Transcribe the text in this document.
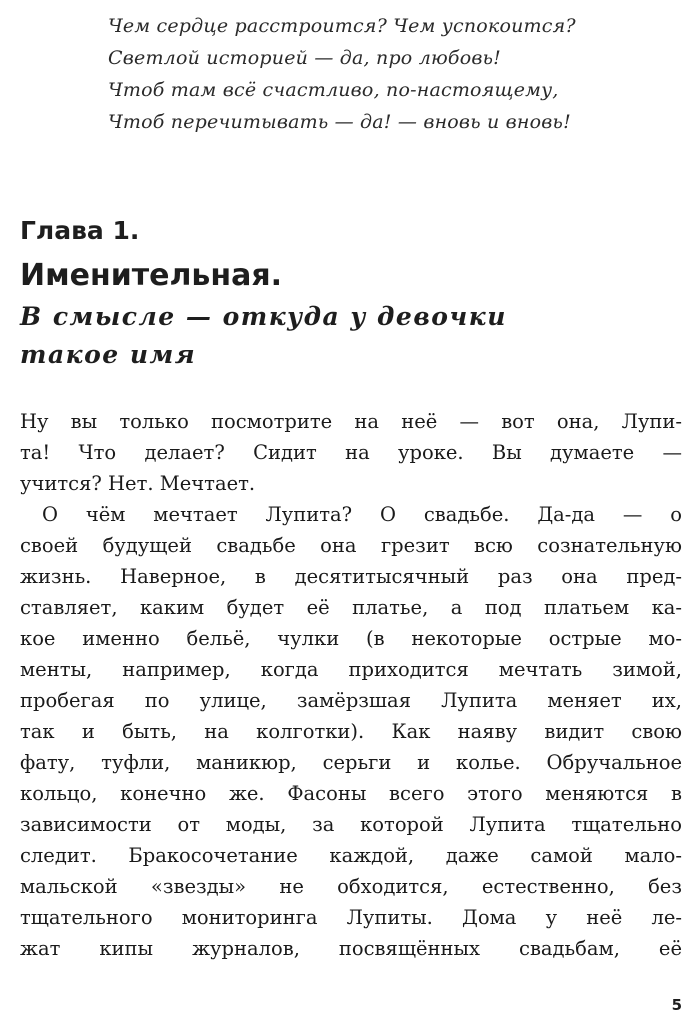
Чем сердце расстроится? Чем успокоится?
Светлой историей — да, про любовь!
Чтоб там всё счастливо, по-настоящему,
Чтоб перечитывать — да! — вновь и вновь!
Глава 1.
Именительная.
В смысле — откуда у девочки
такое имя
Ну вы только посмотрите на неё — вот она, Лупи-
та! Что делает? Сидит на уроке. Вы думаете —
учится? Нет. Мечтает.
О чём мечтает Лупита? О свадьбе. Да-да — о
своей будущей свадьбе она грезит всю сознательную
жизнь. Наверное, в десятитысячный раз она пред-
ставляет, каким будет её платье, а под платьем ка-
кое именно бельё, чулки (в некоторые острые мо-
менты, например, когда приходится мечтать зимой,
пробегая по улице, замёрзшая Лупита меняет их,
так и быть, на колготки). Как наяву видит свою
фату, туфли, маникюр, серьги и колье. Обручальное
кольцо, конечно же. Фасоны всего этого меняются в
зависимости от моды, за которой Лупита тщательно
следит. Бракосочетание каждой, даже самой мало-
мальской «звезды» не обходится, естественно, без
тщательного мониторинга Лупиты. Дома у неё ле-
жат кипы журналов, посвящённых свадьбам, её
5
